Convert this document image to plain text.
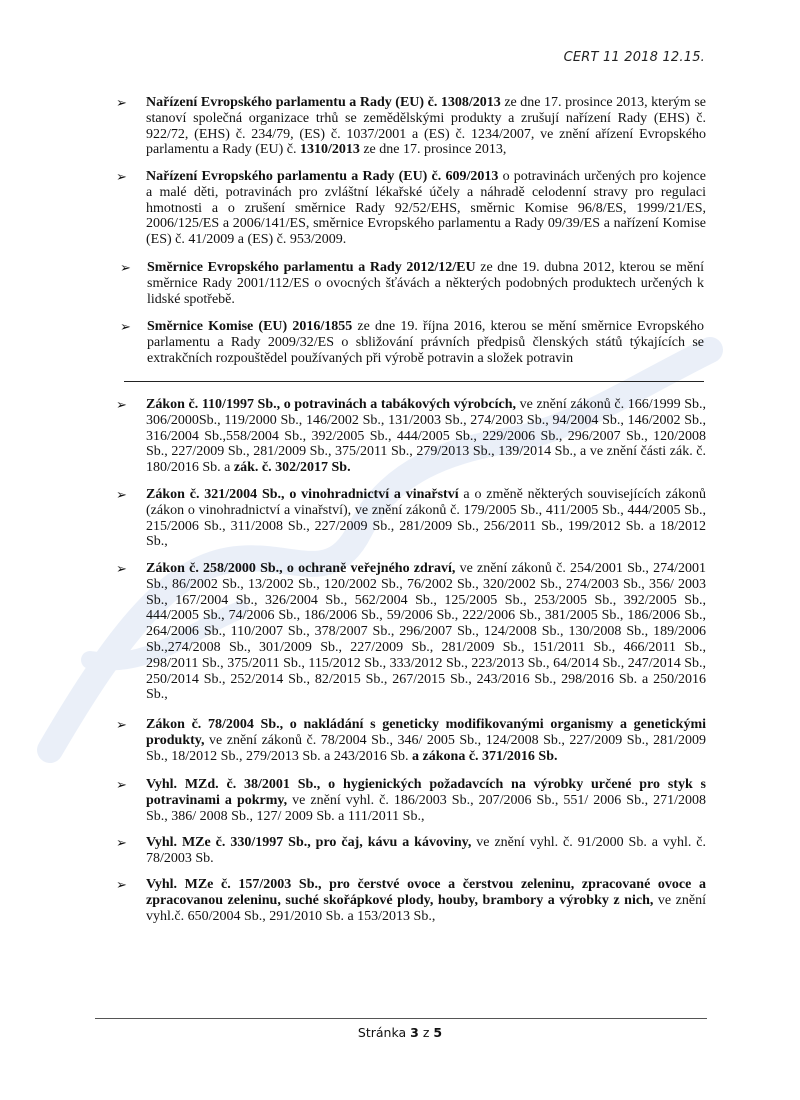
CERT 11 2018 12.15.
➢ Nařízení Evropského parlamentu a Rady (EU) č. 1308/2013 ze dne 17. prosince 2013, kterým se stanoví společná organizace trhů se zemědělskými produkty a zrušují nařízení Rady (EHS) č. 922/72, (EHS) č. 234/79, (ES) č. 1037/2001 a (ES) č. 1234/2007, ve znění ařízení Evropského parlamentu a Rady (EU) č. 1310/2013 ze dne 17. prosince 2013,
➢ Nařízení Evropského parlamentu a Rady (EU) č. 609/2013 o potravinách určených pro kojence a malé děti, potravinách pro zvláštní lékařské účely a náhradě celodenní stravy pro regulaci hmotnosti a o zrušení směrnice Rady 92/52/EHS, směrnic Komise 96/8/ES, 1999/21/ES, 2006/125/ES a 2006/141/ES, směrnice Evropského parlamentu a Rady 09/39/ES a nařízení Komise (ES) č. 41/2009 a (ES) č. 953/2009.
➢ Směrnice Evropského parlamentu a Rady 2012/12/EU ze dne 19. dubna 2012, kterou se mění směrnice Rady 2001/112/ES o ovocných šťávách a některých podobných produktech určených k lidské spotřebě.
➢ Směrnice Komise (EU) 2016/1855 ze dne 19. října 2016, kterou se mění směrnice Evropského parlamentu a Rady 2009/32/ES o sbližování právních předpisů členských států týkajících se extrakčních rozpouštědel používaných při výrobě potravin a složek potravin
➢ Zákon č. 110/1997 Sb., o potravinách a tabákových výrobcích, ve znění zákonů č. 166/1999 Sb., 306/2000Sb., 119/2000 Sb., 146/2002 Sb., 131/2003 Sb., 274/2003 Sb., 94/2004 Sb., 146/2002 Sb., 316/2004 Sb.,558/2004 Sb., 392/2005 Sb., 444/2005 Sb., 229/2006 Sb., 296/2007 Sb., 120/2008 Sb., 227/2009 Sb., 281/2009 Sb., 375/2011 Sb., 279/2013 Sb., 139/2014 Sb., a ve znění části zák. č. 180/2016 Sb. a zák. č. 302/2017 Sb.
➢ Zákon č. 321/2004 Sb., o vinohradnictví a vinařství a o změně některých souvisejících zákonů (zákon o vinohradnictví a vinařství), ve znění zákonů č. 179/2005 Sb., 411/2005 Sb., 444/2005 Sb., 215/2006 Sb., 311/2008 Sb., 227/2009 Sb., 281/2009 Sb., 256/2011 Sb., 199/2012 Sb. a 18/2012 Sb.,
➢ Zákon č. 258/2000 Sb., o ochraně veřejného zdraví, ve znění zákonů č. 254/2001 Sb., 274/2001 Sb., 86/2002 Sb., 13/2002 Sb., 120/2002 Sb., 76/2002 Sb., 320/2002 Sb., 274/2003 Sb., 356/ 2003 Sb., 167/2004 Sb., 326/2004 Sb., 562/2004 Sb., 125/2005 Sb., 253/2005 Sb., 392/2005 Sb., 444/2005 Sb., 74/2006 Sb., 186/2006 Sb., 59/2006 Sb., 222/2006 Sb., 381/2005 Sb., 186/2006 Sb., 264/2006 Sb., 110/2007 Sb., 378/2007 Sb., 296/2007 Sb., 124/2008 Sb., 130/2008 Sb., 189/2006 Sb.,274/2008 Sb., 301/2009 Sb., 227/2009 Sb., 281/2009 Sb., 151/2011 Sb., 466/2011 Sb., 298/2011 Sb., 375/2011 Sb., 115/2012 Sb., 333/2012 Sb., 223/2013 Sb., 64/2014 Sb., 247/2014 Sb., 250/2014 Sb., 252/2014 Sb., 82/2015 Sb., 267/2015 Sb., 243/2016 Sb., 298/2016 Sb. a 250/2016 Sb.,
➢ Zákon č. 78/2004 Sb., o nakládání s geneticky modifikovanými organismy a genetickými produkty, ve znění zákonů č. 78/2004 Sb., 346/ 2005 Sb., 124/2008 Sb., 227/2009 Sb., 281/2009 Sb., 18/2012 Sb., 279/2013 Sb. a 243/2016 Sb. a zákona č. 371/2016 Sb.
➢ Vyhl. MZd. č. 38/2001 Sb., o hygienických požadavcích na výrobky určené pro styk s potravinami a pokrmy, ve znění vyhl. č. 186/2003 Sb., 207/2006 Sb., 551/ 2006 Sb., 271/2008 Sb., 386/ 2008 Sb., 127/ 2009 Sb. a 111/2011 Sb.,
➢ Vyhl. MZe č. 330/1997 Sb., pro čaj, kávu a kávoviny, ve znění vyhl. č. 91/2000 Sb. a vyhl. č. 78/2003 Sb.
➢ Vyhl. MZe č. 157/2003 Sb., pro čerstvé ovoce a čerstvou zeleninu, zpracované ovoce a zpracovanou zeleninu, suché skořápkové plody, houby, brambory a výrobky z nich, ve znění vyhl.č. 650/2004 Sb., 291/2010 Sb. a 153/2013 Sb.,
Stránka 3 z 5
